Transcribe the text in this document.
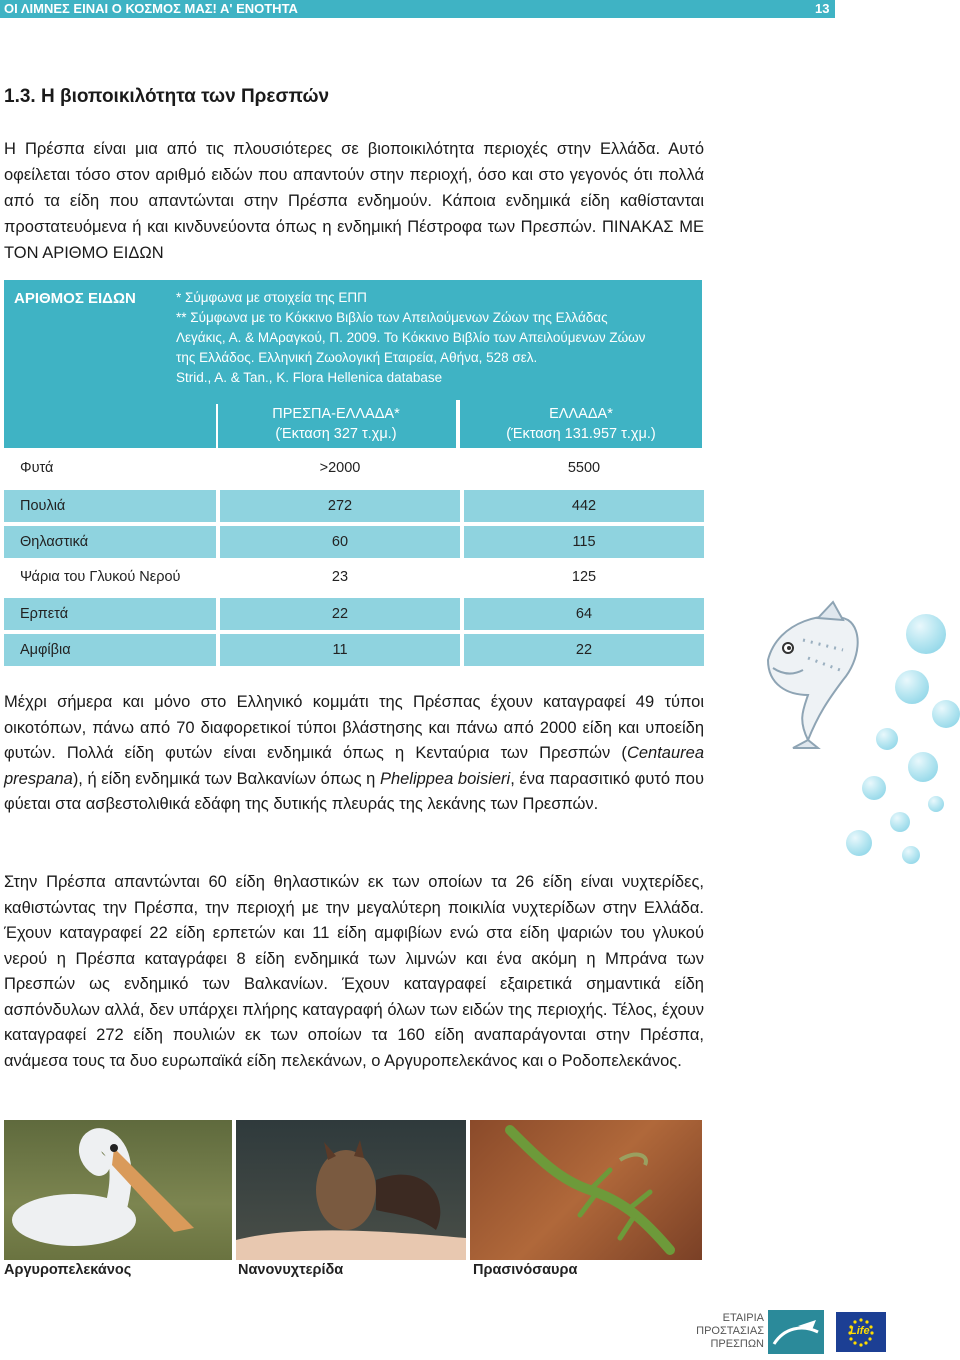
ΟΙ ΛΙΜΝΕΣ ΕΙΝΑΙ Ο ΚΟΣΜΟΣ ΜΑΣ! Α' ΕΝΟΤΗΤΑ	13
1.3. Η βιοποικιλότητα των Πρεσπών
Η Πρέσπα είναι μια από τις πλουσιότερες σε βιοποικιλότητα περιοχές στην Ελλάδα. Αυτό οφείλεται τόσο στον αριθμό ειδών που απαντούν στην περιοχή, όσο και στο γεγονός ότι πολλά από τα είδη που απαντώνται στην Πρέσπα ενδημούν. Κάποια ενδημικά είδη καθίστανται προστατευόμενα ή και κινδυνεύοντα όπως η ενδημική Πέστροφα των Πρεσπών. ΠΙΝΑΚΑΣ ΜΕ ΤΟΝ ΑΡΙΘΜΟ ΕΙΔΩΝ
ΑΡΙΘΜΟΣ ΕΙΔΩΝ	* Σύμφωνα με στοιχεία της ΕΠΠ
** Σύμφωνα με το Κόκκινο Βιβλίο των Απειλούμενων Ζώων της Ελλάδας
Λεγάκις, Α. & ΜΑραγκού, Π. 2009. Το Κόκκινο Βιβλίο των Απειλούμενων Ζώων
της Ελλάδος. Ελληνική Ζωολογική Εταιρεία, Αθήνα, 528 σελ.
Strid., A. & Tan., K. Flora Hellenica database
ΠΡΕΣΠΑ-ΕΛΛΑΔΑ*
(Έκταση 327 τ.χμ.)
ΕΛΛΑΔΑ*
(Έκταση 131.957 τ.χμ.)
Φυτά	>2000	5500
Πουλιά	272	442
Θηλαστικά	60	115
Ψάρια του Γλυκού Νερού	23	125
Ερπετά	22	64
Αμφίβια	11	22
Μέχρι σήμερα και μόνο στο Ελληνικό κομμάτι της Πρέσπας έχουν καταγραφεί 49 τύποι οικοτόπων, πάνω από 70 διαφορετικοί τύποι βλάστησης και πάνω από 2000 είδη και υποείδη φυτών. Πολλά είδη φυτών είναι ενδημικά όπως η Κενταύρια των Πρεσπών (Centaurea prespana), ή είδη ενδημικά των Βαλκανίων όπως η Phelippea boisieri, ένα παρασιτικό φυτό που φύεται στα ασβεστολιθικά εδάφη της δυτικής πλευράς της λεκάνης των Πρεσπών.
Στην Πρέσπα απαντώνται 60 είδη θηλαστικών εκ των οποίων τα 26 είδη είναι νυχτερίδες, καθιστώντας την Πρέσπα, την περιοχή με την μεγαλύτερη ποικιλία νυχτερίδων στην Ελλάδα. Έχουν καταγραφεί 22 είδη ερπετών και 11 είδη αμφιβίων ενώ στα είδη ψαριών του γλυκού νερού η Πρέσπα καταγράφει 8 είδη ενδημικά των λιμνών και ένα ακόμη η Μπράνα των Πρεσπών ως ενδημικό των Βαλκανίων. Έχουν καταγραφεί εξαιρετικά σημαντικά είδη ασπόνδυλων αλλά, δεν υπάρχει πλήρης καταγραφή όλων των ειδών της περιοχής. Τέλος, έχουν καταγραφεί 272 είδη πουλιών εκ των οποίων τα 160 είδη αναπαράγονται στην Πρέσπα, ανάμεσα τους τα δυο ευρωπαϊκά είδη πελεκάνων, ο Αργυροπελεκάνος και ο Ροδοπελεκάνος.
Αργυροπελεκάνος	Νανονυχτερίδα	Πρασινόσαυρα
ΕΤΑΙΡΙΑ
ΠΡΟΣΤΑΣΙΑΣ
ΠΡΕΣΠΩΝ
Life
